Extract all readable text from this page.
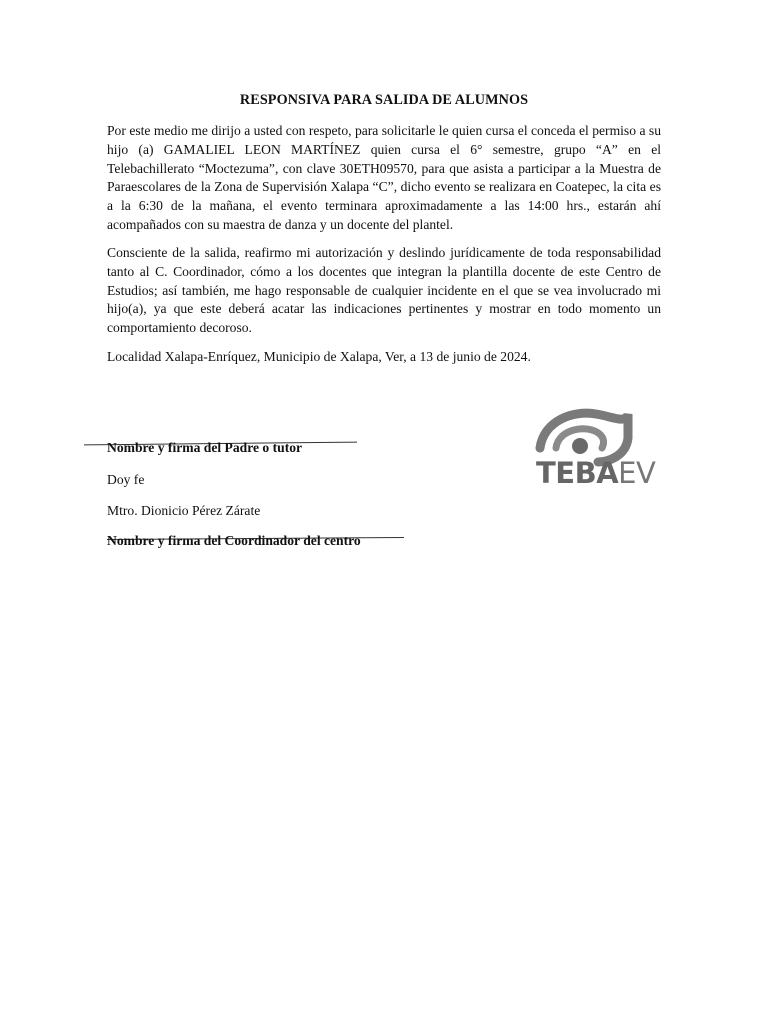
RESPONSIVA PARA SALIDA DE ALUMNOS

Por este medio me dirijo a usted con respeto, para solicitarle le quien cursa el conceda el permiso a su hijo (a) GAMALIEL LEON MARTÍNEZ quien cursa el 6° semestre, grupo “A” en el Telebachillerato “Moctezuma”, con clave 30ETH09570, para que asista a participar a la Muestra de Paraescolares de la Zona de Supervisión Xalapa “C”, dicho evento se realizara en Coatepec, la cita es a la 6:30 de la mañana, el evento terminara aproximadamente a las 14:00 hrs., estarán ahí acompañados con su maestra de danza y un docente del plantel.

Consciente de la salida, reafirmo mi autorización y deslindo jurídicamente de toda responsabilidad tanto al C. Coordinador, cómo a los docentes que integran la plantilla docente de este Centro de Estudios; así también, me hago responsable de cualquier incidente en el que se vea involucrado mi hijo(a), ya que este deberá acatar las indicaciones pertinentes y mostrar en todo momento un comportamiento decoroso.

Localidad Xalapa-Enríquez, Municipio de Xalapa, Ver, a 13 de junio de 2024.

Nombre y firma del Padre o tutor
Doy fe
Mtro. Dionicio Pérez Zárate
Nombre y firma del Coordinador del centro
TEBAEV
